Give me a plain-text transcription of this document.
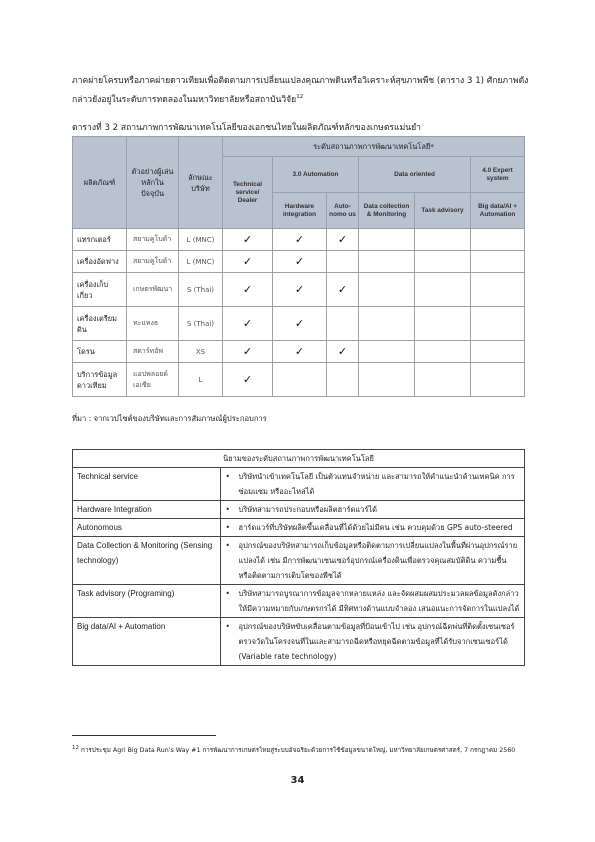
ภาคผ่ายโครบหรือภาคผ่ายดาวเทียมเพื่อติดตามการเปลี่ยนแปลงคุณภาพดินหรือวิเคราะห์สุขภาพพืช (ตาราง 3 1) ศักยภาพดังกล่าวยังอยู่ในระดับการทดลองในมหาวิทยาลัยหรือสถาบันวิจัย$^{12}$
ตารางที่ 3 2 สถานภาพการพัฒนาเทคโนโลยีของเอกชนไทยในผลิตภัณฑ์หลักของเกษตรแม่นยำ
ผลิตภัณฑ์	ตัวอย่างผู้เล่นหลักใน ปัจจุบัน	ลักษณะ บริษัท	ระดับสถานภาพการพัฒนาเทคโนโลยี*					
			Technical service/ Dealer	3.0 Automation		Data oriented		4.0 Expert system
				Hardware integration	Auto- nomo us	Data collection & Monitoring	Task advisory	Big data/AI + Automation
แทรกเตอร์	สยามคูโบต้า	L (MNC)	✓	✓	✓			
เครื่องอัดฟาง	สยามคูโบต้า	L (MNC)	✓	✓				
เครื่องเก็บ เกี่ยว	เกษตรพัฒนา	S (Thai)	✓	✓	✓			
เครื่องเตรียม ดิน	ทะแทงธ	S (Thai)	✓	✓				
โดรน	สตาร์ทอัพ	XS	✓	✓	✓			
บริการข้อมูล ดาวเทียม	แอปพลอยด์ เอเซีย	L	✓					
ที่มา : จากเวปไซต์ของบริษัทและการสัมภาษณ์ผู้ประกอบการ
นิยามของระดับสถานภาพการพัฒนาเทคโนโลยี		
Technical service	•	บริษัทนำเข้าเทคโนโลยี เป็นตัวแทนจำหน่าย และสามารถให้คำแนะนำด้านเทคนิค การซ่อมแซม หรืออะไหล่ได้
Hardware Integration	•	บริษัทสามารถประกอบหรือผลิตฮาร์ดแวร์ได้
Autonomous	•	ฮาร์ดแวร์ที่บริษัทผลิตขึ้นเคลื่อนที่ได้ด้วยไม่มีคน เช่น ควบคุมด้วย GPS auto-steered
Data Collection & Monitoring (Sensing technology)	•	อุปกรณ์ของบริษัทสามารถเก็บข้อมูลหรือติดตามการเปลี่ยนแปลงในพื้นที่ผ่านอุปกรณ์รายแปลงได้ เช่น มีการพัฒนาเซนเซอร์อุปกรณ์เครื่องดินเพื่อตรวจคุณสมบัติดิน ความชื้น หรือติดตามการเติบโตของพืชได้
Task advisory (Programing)	•	บริษัทสามารถบูรณาการข้อมูลจากหลายแหล่ง และจัดผสมผสมประมวลผลข้อมูลดังกล่าวให้มีความหมายกับเกษตรกรได้ มีทิศทางด้านแบบจำลอง เสนอแนะการจัดการในแปลงได้
Big data/AI + Automation	•	อุปกรณ์ของบริษัทขับเคลื่อนตามข้อมูลที่ป้อนเข้าไป เช่น อุปกรณ์ฉีดพ่นที่ติดตั้งเซนเซอร์ตรวจวัดในโครงจนที่ในและสามารถฉีดหรือหยุดฉีดตามข้อมูลที่ได้รับจากเซนเซอร์ได้ (Variable rate technology)
$^{12}$ การประชุม Agri Big Data Run's Way #1 การพัฒนาการเกษตรไทยสู่ระบบอัจฉริยะด้วยการใช้ข้อมูลขนาดใหญ่, มหาวิทยาลัยเกษตรศาสตร์, 7 กรกฎาคม 2560
34
